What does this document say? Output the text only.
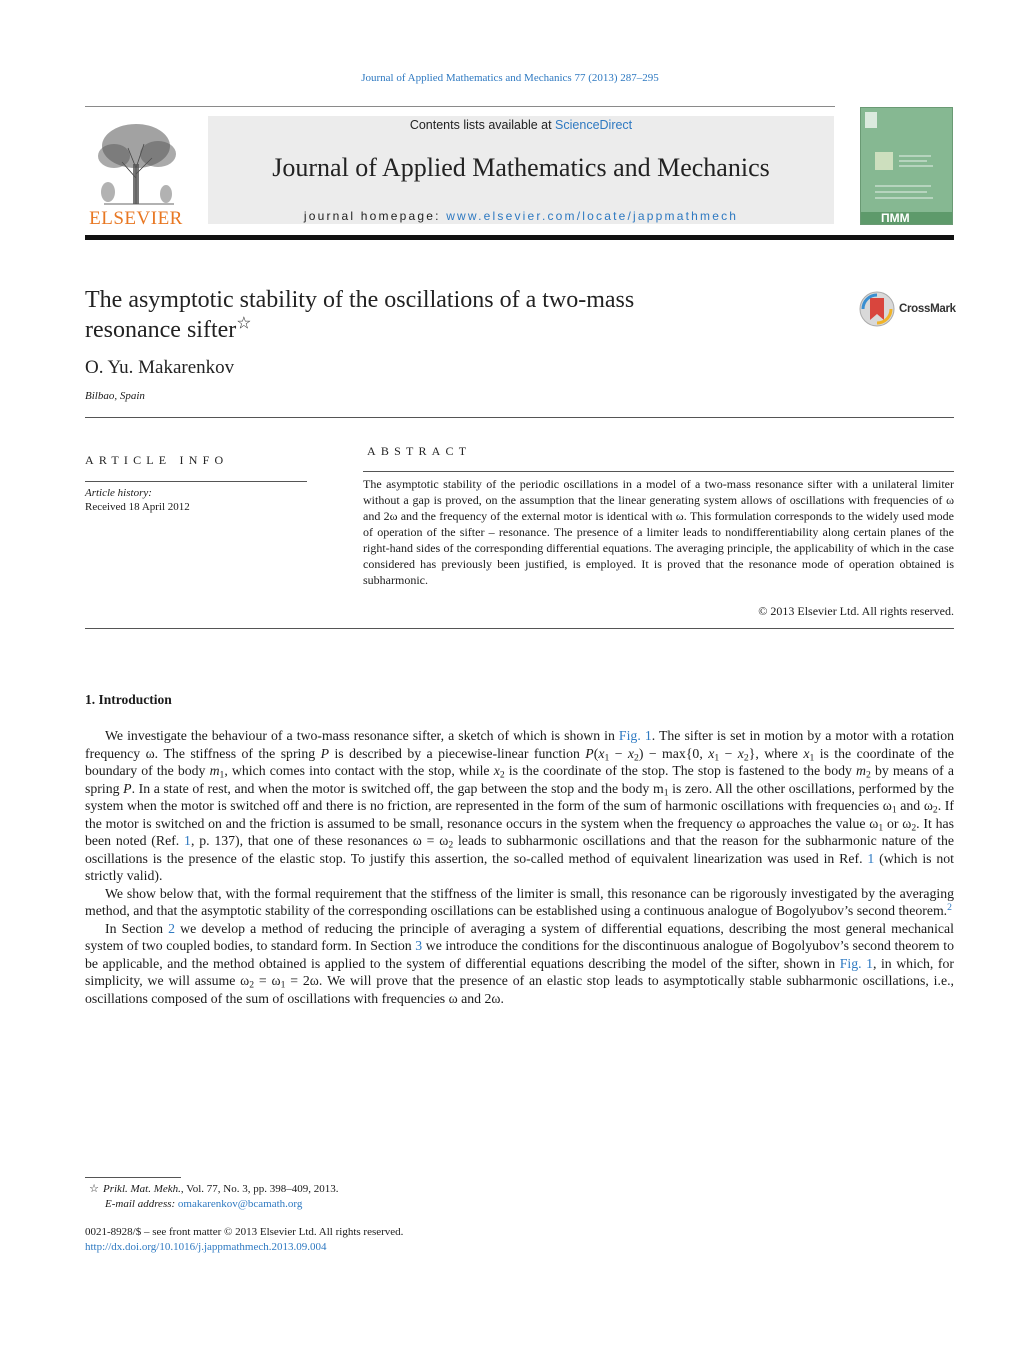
Journal of Applied Mathematics and Mechanics 77 (2013) 287–295
ELSEVIER
Contents lists available at ScienceDirect
Journal of Applied Mathematics and Mechanics
journal homepage: www.elsevier.com/locate/jappmathmech	ПММ
The asymptotic stability of the oscillations of a two-mass
resonance sifter☆
CrossMark
O. Yu. Makarenkov
Bilbao, Spain
ARTICLE INFO
Article history:
Received 18 April 2012
ABSTRACT
The asymptotic stability of the periodic oscillations in a model of a two-mass resonance sifter with a unilateral limiter without a gap is proved, on the assumption that the linear generating system allows of oscillations with frequencies of ω and 2ω and the frequency of the external motor is identical with ω. This formulation corresponds to the widely used mode of operation of the sifter – resonance. The presence of a limiter leads to nondifferentiability along certain planes of the right-hand sides of the corresponding differential equations. The averaging principle, the applicability of which in the case considered has previously been justified, is employed. It is proved that the resonance mode of operation obtained is subharmonic.
© 2013 Elsevier Ltd. All rights reserved.
1. Introduction

We investigate the behaviour of a two-mass resonance sifter, a sketch of which is shown in Fig. 1. The sifter is set in motion by a motor with a rotation frequency ω. The stiffness of the spring P is described by a piecewise-linear function $P(x_1 - x_2) - \max\{0$, $x_1 - x_2$}, where $x_1$ is the coordinate of the boundary of the body $m_1$, which comes into contact with the stop, while $x_2$ is the coordinate of the stop. The stop is fastened to the body $m_2$ by means of a spring P. In a state of rest, and when the motor is switched off, the gap between the stop and the body $m_1$ is zero. All the other oscillations, performed by the system when the motor is switched off and there is no friction, are represented in the form of the sum of harmonic oscillations with frequencies $\omega_1$ and $\omega_2$. If the motor is switched on and the friction is assumed to be small, resonance occurs in the system when the frequency ω approaches the value $\omega_1$ or $\omega_2$. It has been noted (Ref. 1, p. 137), that one of these resonances $\omega = \omega_2$ leads to subharmonic oscillations and that the reason for the subharmonic nature of the oscillations is the presence of the elastic stop. To justify this assertion, the so-called method of equivalent linearization was used in Ref. 1 (which is not strictly valid).

We show below that, with the formal requirement that the stiffness of the limiter is small, this resonance can be rigorously investigated by the averaging method, and that the asymptotic stability of the corresponding oscillations can be established using a continuous analogue of Bogolyubov’s second theorem.$^2$

In Section 2 we develop a method of reducing the principle of averaging a system of differential equations, describing the most general mechanical system of two coupled bodies, to standard form. In Section 3 we introduce the conditions for the discontinuous analogue of Bogolyubov’s second theorem to be applicable, and the method obtained is applied to the system of differential equations describing the model of the sifter, shown in Fig. 1, in which, for simplicity, we will assume $\omega_2 = \omega_1 = 2\omega$. We will prove that the presence of an elastic stop leads to asymptotically stable subharmonic oscillations, i.e., oscillations composed of the sum of oscillations with frequencies ω and 2ω.

☆ Prikl. Mat. Mekh., Vol. 77, No. 3, pp. 398–409, 2013.
E-mail address: omakarenkov@bcamath.org
0021-8928/$ – see front matter © 2013 Elsevier Ltd. All rights reserved.
http://dx.doi.org/10.1016/j.jappmathmech.2013.09.004
